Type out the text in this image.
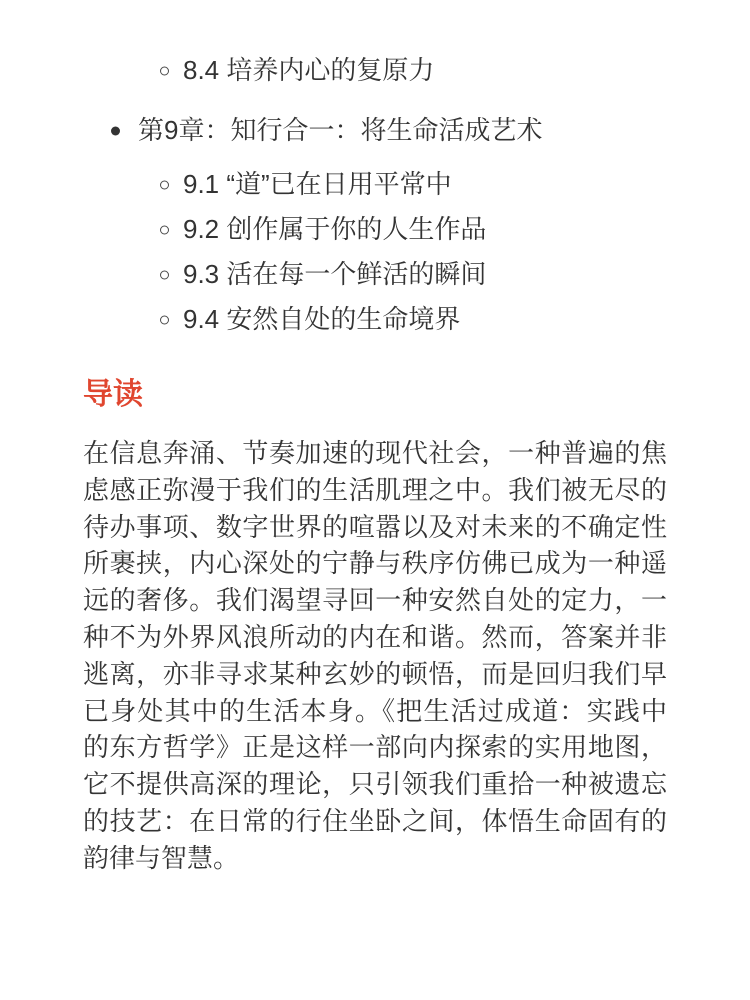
8.4 培养内心的复原力
第9章：知行合一：将生命活成艺术
9.1 “道”已在日用平常中
9.2 创作属于你的人生作品
9.3 活在每一个鲜活的瞬间
9.4 安然自处的生命境界
导读

在信息奔涌、节奏加速的现代社会，一种普遍的焦虑感正弥漫于我们的生活肌理之中。我们被无尽的待办事项、数字世界的喧嚣以及对未来的不确定性所裹挟，内心深处的宁静与秩序仿佛已成为一种遥远的奢侈。我们渴望寻回一种安然自处的定力，一种不为外界风浪所动的内在和谐。然而，答案并非逃离，亦非寻求某种玄妙的顿悟，而是回归我们早已身处其中的生活本身。《把生活过成道：实践中的东方哲学》正是这样一部向内探索的实用地图，它不提供高深的理论，只引领我们重拾一种被遗忘的技艺：在日常的行住坐卧之间，体悟生命固有的韵律与智慧。
